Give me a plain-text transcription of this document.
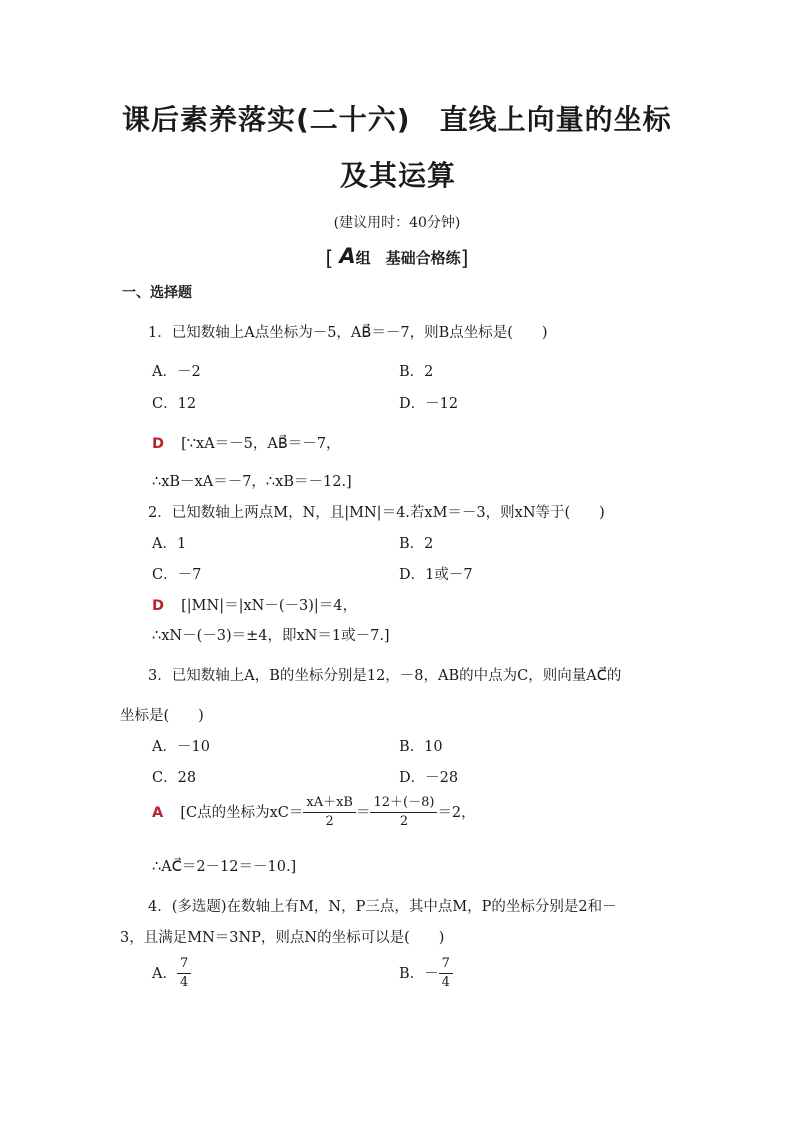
课后素养落实(二十六)　直线上向量的坐标
及其运算
(建议用时：40分钟)
[ A组　基础合格练]
一、选择题
1．已知数轴上A点坐标为－5，AB⃗＝－7，则B点坐标是(　　)
A．－2	B．2
C．12	D．－12
D [∵xA＝－5，AB⃗＝－7，
∴xB－xA＝－7，∴xB＝－12.]
2．已知数轴上两点M，N，且|MN|＝4.若xM＝－3，则xN等于(　　)
A．1	B．2
C．－7	D．1或－7
D [|MN|＝|xN－(－3)|＝4，
∴xN－(－3)＝±4，即xN＝1或－7.]
3．已知数轴上A，B的坐标分别是12，－8，AB的中点为C，则向量AC⃗的
坐标是(　　)
A．－10	B．10
C．28	D．－28
A [C点的坐标为$xC= \frac{xA+xB}{2} = \frac{12+(-8)}{2} =2$，
∴AC⃗＝2－12＝－10.]
4．(多选题)在数轴上有M，N，P三点，其中点M，P的坐标分别是2和－
3，且满足MN＝3NP，则点N的坐标可以是(　　)
A． $\frac{7}{4}$	B．－ $\frac{7}{4}$
